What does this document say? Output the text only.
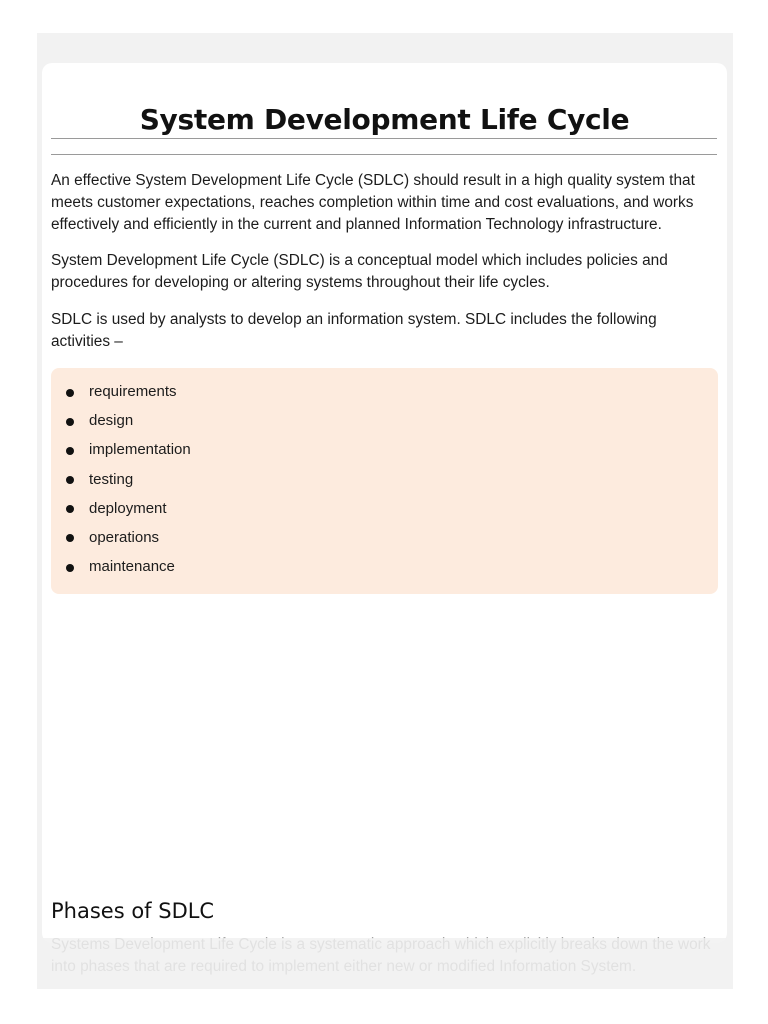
System Development Life Cycle

An effective System Development Life Cycle (SDLC) should result in a high quality system that meets customer expectations, reaches completion within time and cost evaluations, and works effectively and efficiently in the current and planned Information Technology infrastructure.

System Development Life Cycle (SDLC) is a conceptual model which includes policies and procedures for developing or altering systems throughout their life cycles.

SDLC is used by analysts to develop an information system. SDLC includes the following activities –

requirements
design
implementation
testing
deployment
operations
maintenance
Phases of SDLC
